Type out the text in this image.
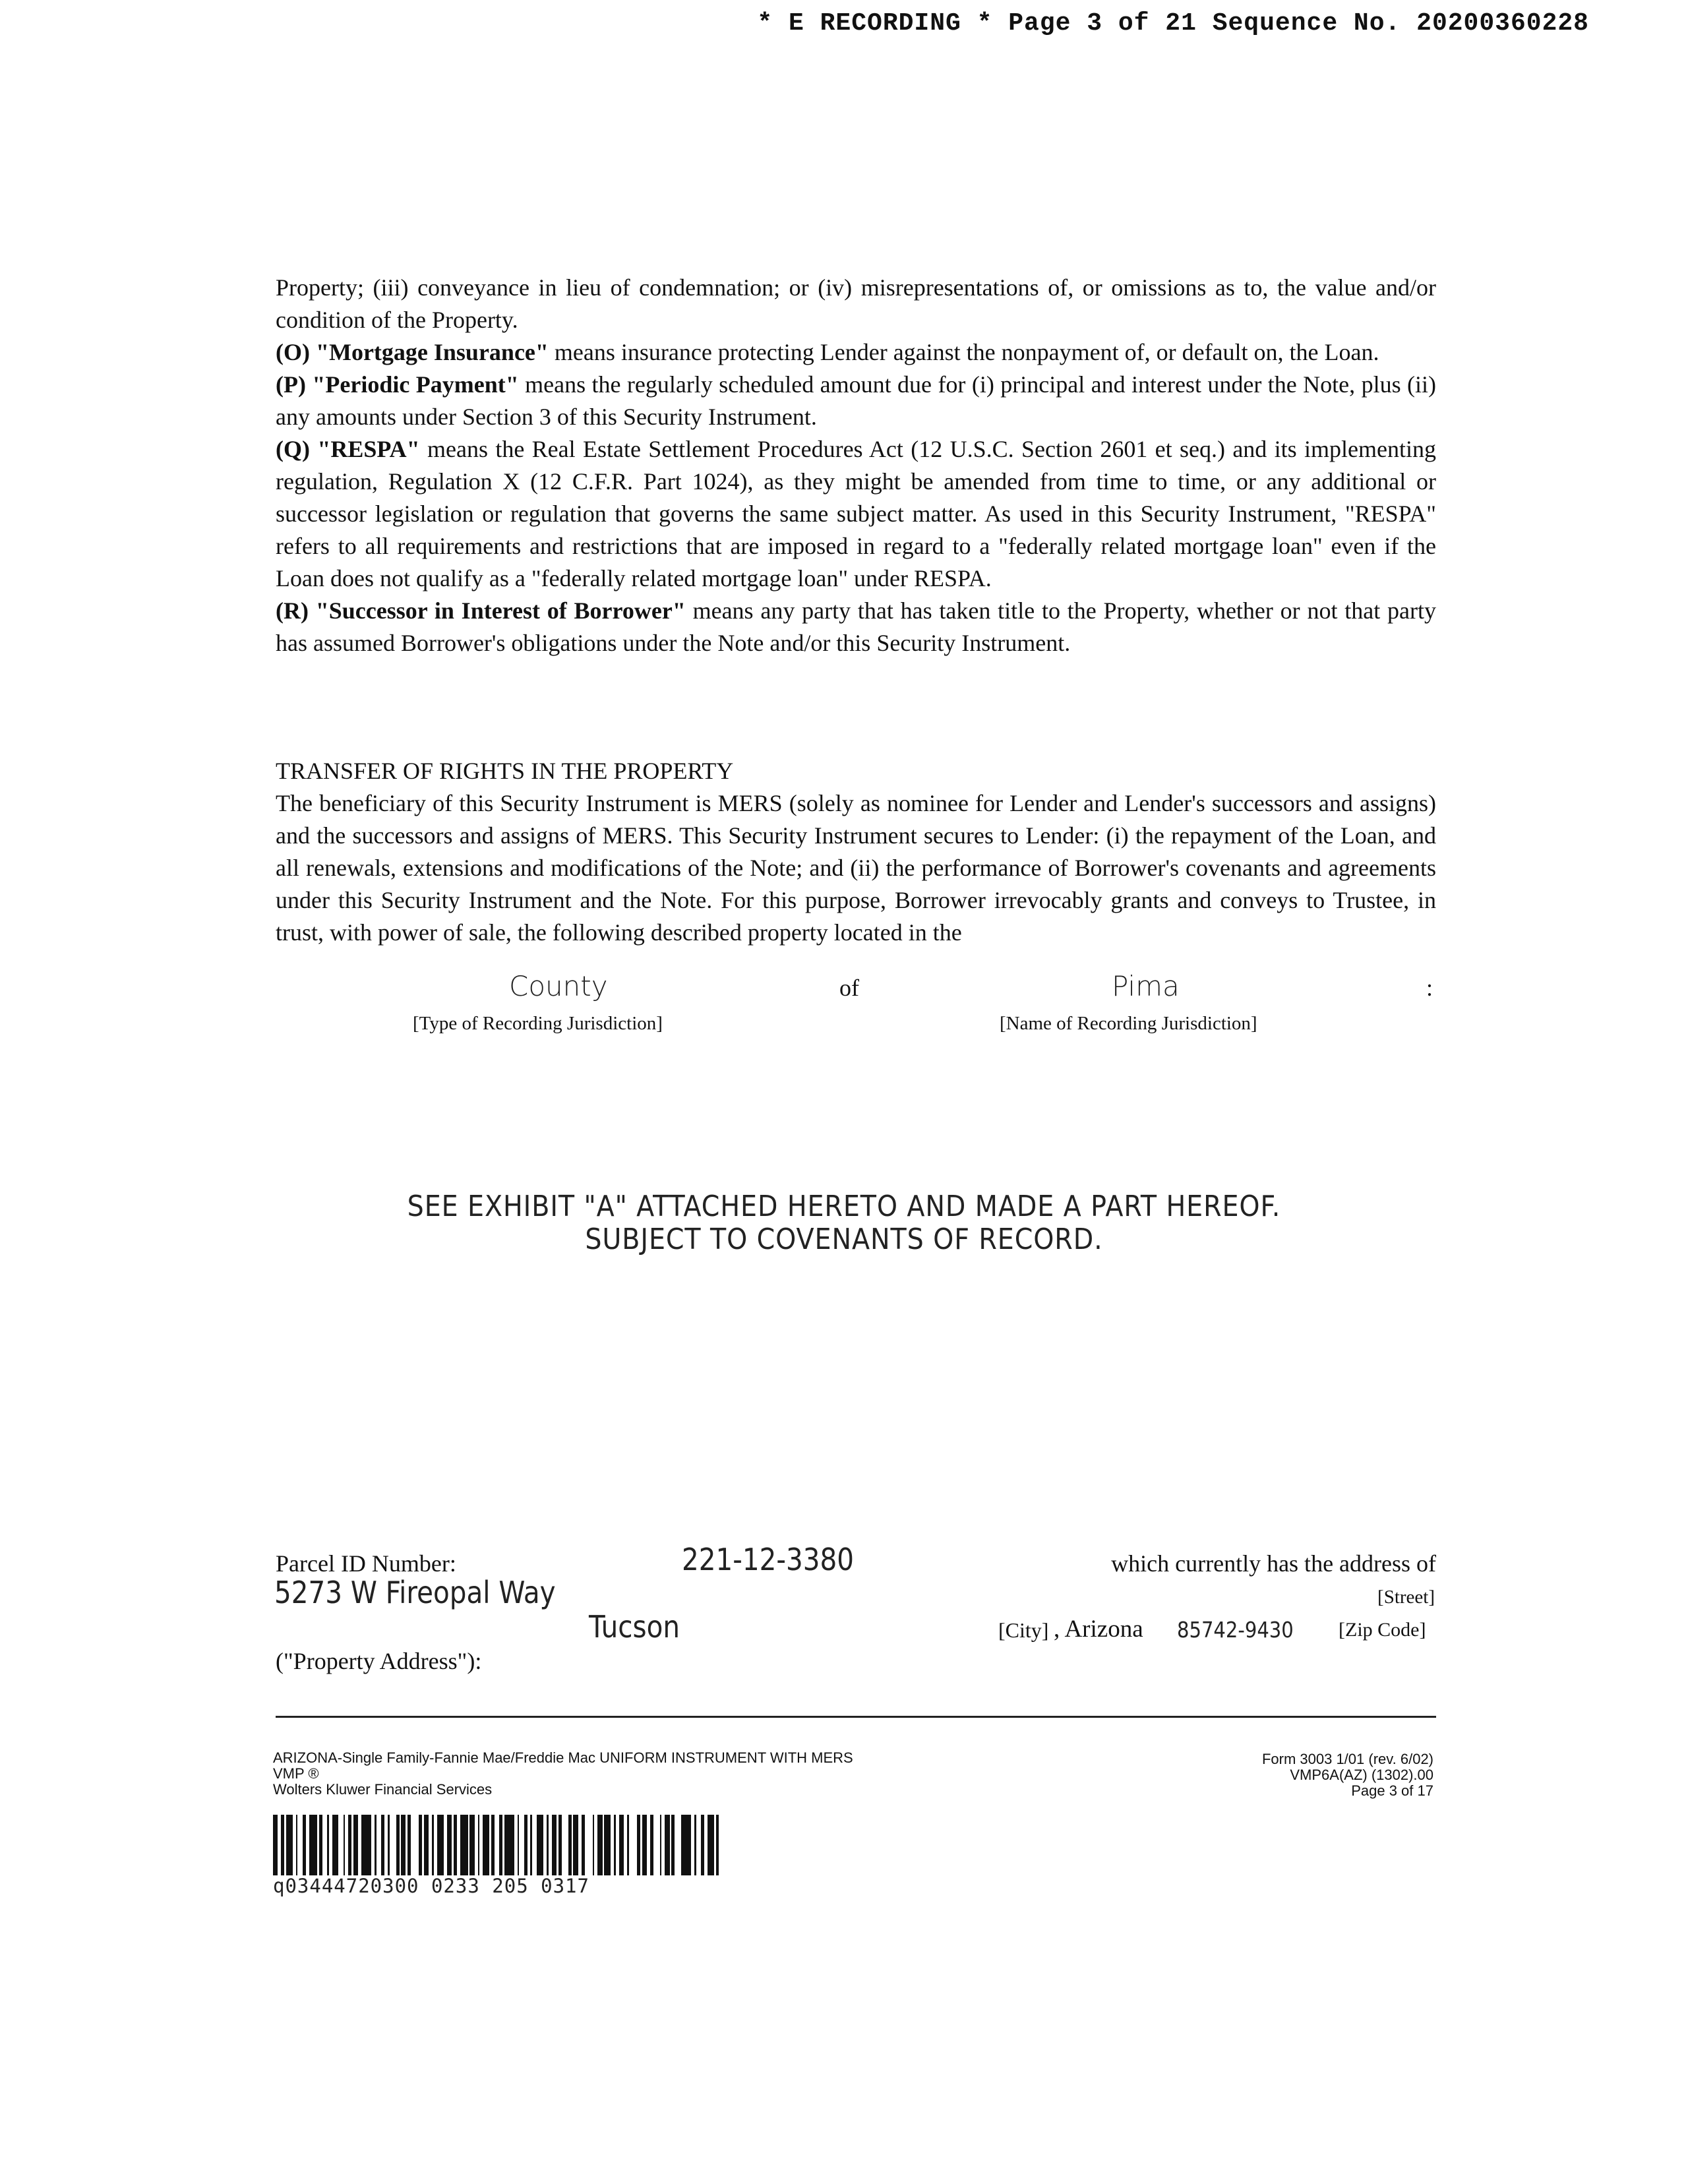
* E RECORDING * Page 3 of 21 Sequence No. 20200360228

Property; (iii) conveyance in lieu of condemnation; or (iv) misrepresentations of, or omissions as to, the value and/or condition of the Property.

(O) "Mortgage Insurance" means insurance protecting Lender against the nonpayment of, or default on, the Loan.

(P) "Periodic Payment" means the regularly scheduled amount due for (i) principal and interest under the Note, plus (ii) any amounts under Section 3 of this Security Instrument.

(Q) "RESPA" means the Real Estate Settlement Procedures Act (12 U.S.C. Section 2601 et seq.) and its implementing regulation, Regulation X (12 C.F.R. Part 1024), as they might be amended from time to time, or any additional or successor legislation or regulation that governs the same subject matter. As used in this Security Instrument, "RESPA" refers to all requirements and restrictions that are imposed in regard to a "federally related mortgage loan" even if the Loan does not qualify as a "federally related mortgage loan" under RESPA.

(R) "Successor in Interest of Borrower" means any party that has taken title to the Property, whether or not that party has assumed Borrower's obligations under the Note and/or this Security Instrument.

TRANSFER OF RIGHTS IN THE PROPERTY

The beneficiary of this Security Instrument is MERS (solely as nominee for Lender and Lender's successors and assigns) and the successors and assigns of MERS. This Security Instrument secures to Lender: (i) the repayment of the Loan, and all renewals, extensions and modifications of the Note; and (ii) the performance of Borrower's covenants and agreements under this Security Instrument and the Note. For this purpose, Borrower irrevocably grants and conveys to Trustee, in trust, with power of sale, the following described property located in the

County	of	Pima	:
[Type of Recording Jurisdiction]	[Name of Recording Jurisdiction]
SEE EXHIBIT "A" ATTACHED HERETO AND MADE A PART HEREOF.
SUBJECT TO COVENANTS OF RECORD.
Parcel ID Number:	221-12-3380	which currently has the address of
5273 W Fireopal Way	[Street]
Tucson	[City] , Arizona 85742-9430 [Zip Code]
("Property Address"):
ARIZONA-Single Family-Fannie Mae/Freddie Mac UNIFORM INSTRUMENT WITH MERS
VMP ®
Wolters Kluwer Financial Services
Form 3003 1/01 (rev. 6/02)
VMP6A(AZ) (1302).00
Page 3 of 17
q03444720300 0233 205 0317
